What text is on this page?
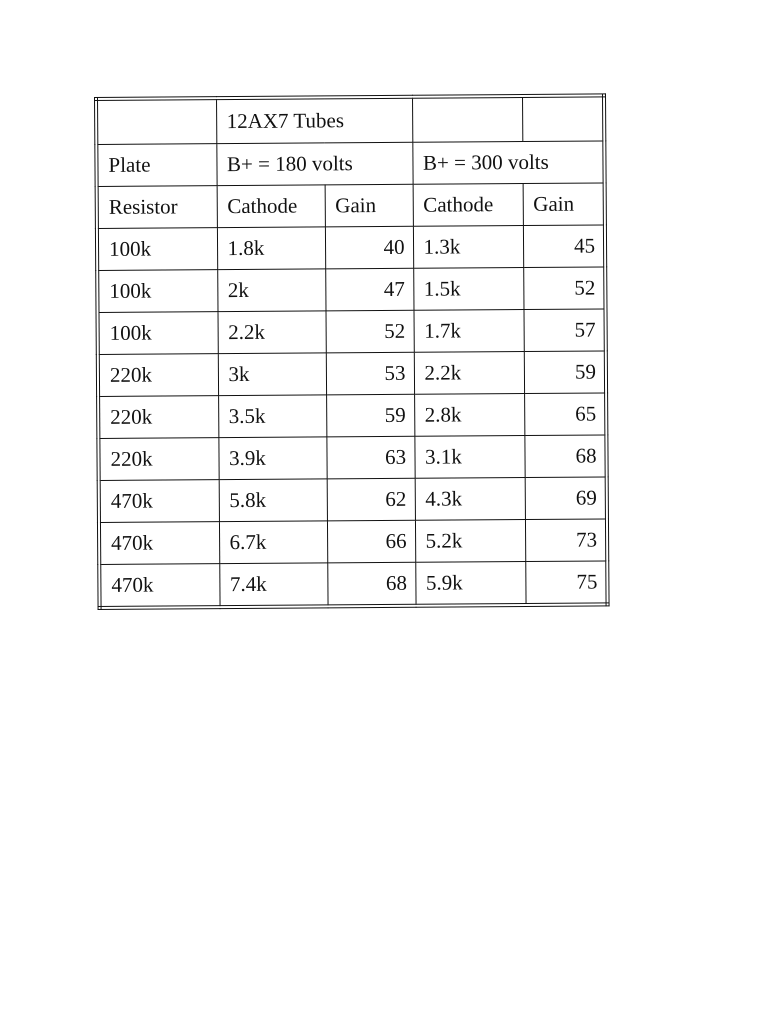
	12AX7 Tubes			
Plate	B+ = 180 volts		B+ = 300 volts	
Resistor	Cathode	Gain	Cathode	Gain
100k	1.8k	40	1.3k	45
100k	2k	47	1.5k	52
100k	2.2k	52	1.7k	57
220k	3k	53	2.2k	59
220k	3.5k	59	2.8k	65
220k	3.9k	63	3.1k	68
470k	5.8k	62	4.3k	69
470k	6.7k	66	5.2k	73
470k	7.4k	68	5.9k	75
